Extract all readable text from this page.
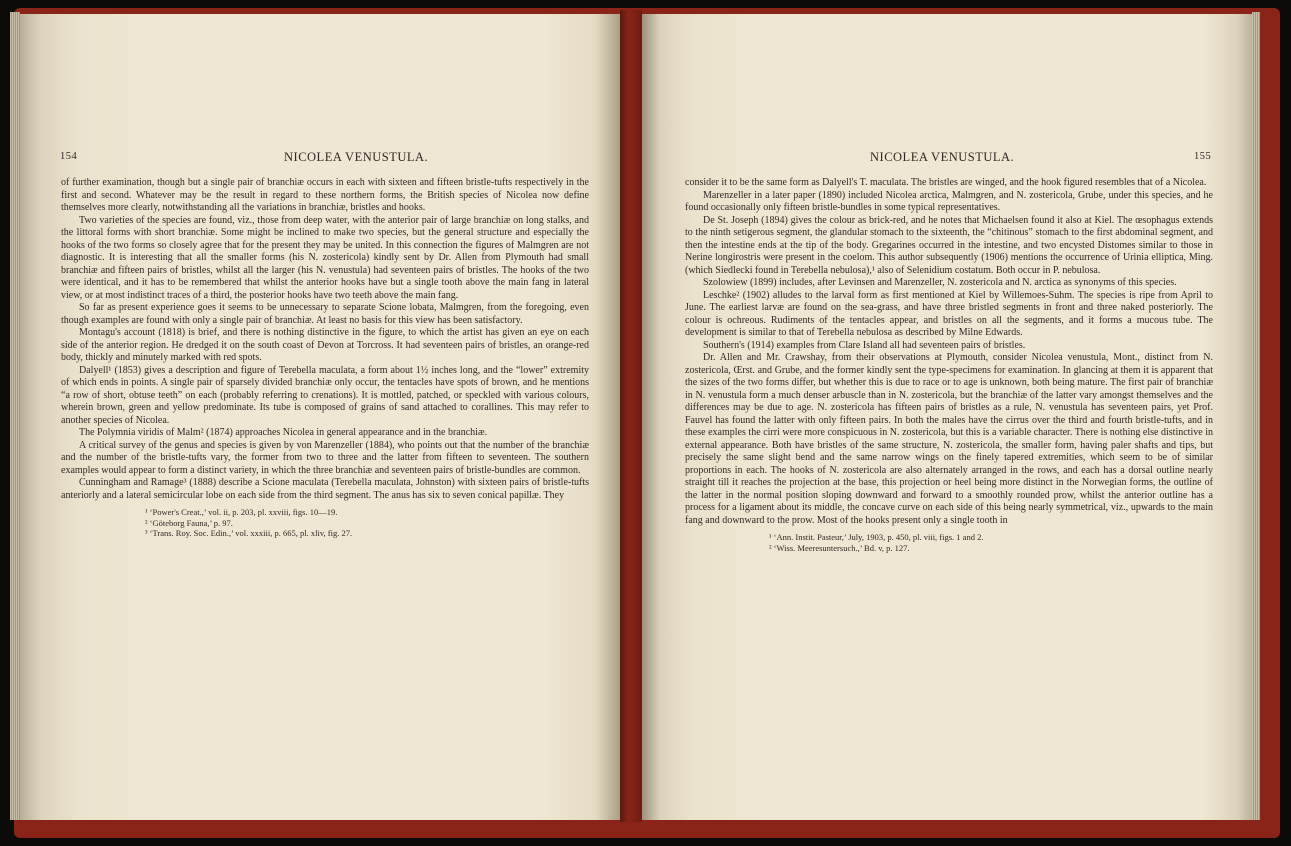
154	NICOLEA VENUSTULA.

of further examination, though but a single pair of branchiæ occurs in each with sixteen and fifteen bristle-tufts respectively in the first and second. Whatever may be the result in regard to these northern forms, the British species of Nicolea now define themselves more clearly, notwithstanding all the variations in branchiæ, bristles and hooks.

Two varieties of the species are found, viz., those from deep water, with the anterior pair of large branchiæ on long stalks, and the littoral forms with short branchiæ. Some might be inclined to make two species, but the general structure and especially the hooks of the two forms so closely agree that for the present they may be united. In this connection the figures of Malmgren are not diagnostic. It is interesting that all the smaller forms (his N. zostericola) kindly sent by Dr. Allen from Plymouth had small branchiæ and fifteen pairs of bristles, whilst all the larger (his N. venustula) had seventeen pairs of bristles. The hooks of the two were identical, and it has to be remembered that whilst the anterior hooks have but a single tooth above the main fang in lateral view, or at most indistinct traces of a third, the posterior hooks have two teeth above the main fang.

So far as present experience goes it seems to be unnecessary to separate Scione lobata, Malmgren, from the foregoing, even though examples are found with only a single pair of branchiæ. At least no basis for this view has been satisfactory.

Montagu's account (1818) is brief, and there is nothing distinctive in the figure, to which the artist has given an eye on each side of the anterior region. He dredged it on the south coast of Devon at Torcross. It had seventeen pairs of bristles, an orange-red body, thickly and minutely marked with red spots.

Dalyell¹ (1853) gives a description and figure of Terebella maculata, a form about 1½ inches long, and the “lower” extremity of which ends in points. A single pair of sparsely divided branchiæ only occur, the tentacles have spots of brown, and he mentions “a row of short, obtuse teeth” on each (probably referring to crenations). It is mottled, patched, or speckled with various colours, wherein brown, green and yellow predominate. Its tube is composed of grains of sand attached to corallines. This may refer to another species of Nicolea.

The Polymnia viridis of Malm² (1874) approaches Nicolea in general appearance and in the branchiæ.

A critical survey of the genus and species is given by von Marenzeller (1884), who points out that the number of the branchiæ and the number of the bristle-tufts vary, the former from two to three and the latter from fifteen to seventeen. The southern examples would appear to form a distinct variety, in which the three branchiæ and seventeen pairs of bristle-bundles are common.

Cunningham and Ramage³ (1888) describe a Scione maculata (Terebella maculata, Johnston) with sixteen pairs of bristle-tufts anteriorly and a lateral semicircular lobe on each side from the third segment. The anus has six to seven conical papillæ. They

¹ ‘Power's Creat.,’ vol. ii, p. 203, pl. xxviii, figs. 10—19.

² ‘Göteborg Fauna,’ p. 97.

³ ‘Trans. Roy. Soc. Edin.,’ vol. xxxiii, p. 665, pl. xliv, fig. 27.

NICOLEA VENUSTULA.	155

consider it to be the same form as Dalyell's T. maculata. The bristles are winged, and the hook figured resembles that of a Nicolea.

Marenzeller in a later paper (1890) included Nicolea arctica, Malmgren, and N. zostericola, Grube, under this species, and he found occasionally only fifteen bristle-bundles in some typical representatives.

De St. Joseph (1894) gives the colour as brick-red, and he notes that Michaelsen found it also at Kiel. The œsophagus extends to the ninth setigerous segment, the glandular stomach to the sixteenth, the “chitinous” stomach to the first abdominal segment, and then the intestine ends at the tip of the body. Gregarines occurred in the intestine, and two encysted Distomes similar to those in Nerine longirostris were present in the coelom. This author subsequently (1906) mentions the occurrence of Urinia elliptica, Ming. (which Siedlecki found in Terebella nebulosa),¹ also of Selenidium costatum. Both occur in P. nebulosa.

Szolowiew (1899) includes, after Levinsen and Marenzeller, N. zostericola and N. arctica as synonyms of this species.

Leschke² (1902) alludes to the larval form as first mentioned at Kiel by Willemoes-Suhm. The species is ripe from April to June. The earliest larvæ are found on the sea-grass, and have three bristled segments in front and three naked posteriorly. The colour is ochreous. Rudiments of the tentacles appear, and bristles on all the segments, and it forms a mucous tube. The development is similar to that of Terebella nebulosa as described by Milne Edwards.

Southern's (1914) examples from Clare Island all had seventeen pairs of bristles.

Dr. Allen and Mr. Crawshay, from their observations at Plymouth, consider Nicolea venustula, Mont., distinct from N. zostericola, Œrst. and Grube, and the former kindly sent the type-specimens for examination. In glancing at them it is apparent that the sizes of the two forms differ, but whether this is due to race or to age is unknown, both being mature. The first pair of branchiæ in N. venustula form a much denser arbuscle than in N. zostericola, but the branchiæ of the latter vary amongst themselves and the differences may be due to age. N. zostericola has fifteen pairs of bristles as a rule, N. venustula has seventeen pairs, yet Prof. Fauvel has found the latter with only fifteen pairs. In both the males have the cirrus over the third and fourth bristle-tufts, and in these examples the cirri were more conspicuous in N. zostericola, but this is a variable character. There is nothing else distinctive in external appearance. Both have bristles of the same structure, N. zostericola, the smaller form, having paler shafts and tips, but precisely the same slight bend and the same narrow wings on the finely tapered extremities, which seem to be of similar proportions in each. The hooks of N. zostericola are also alternately arranged in the rows, and each has a dorsal outline nearly straight till it reaches the projection at the base, this projection or heel being more distinct in the Norwegian forms, the outline of the latter in the normal position sloping downward and forward to a smoothly rounded prow, whilst the anterior outline has a process for a ligament about its middle, the concave curve on each side of this being nearly symmetrical, viz., upwards to the main fang and downward to the prow. Most of the hooks present only a single tooth in

¹ ‘Ann. Instit. Pasteur,’ July, 1903, p. 450, pl. viii, figs. 1 and 2.

² ‘Wiss. Meeresuntersuch.,’ Bd. v, p. 127.
